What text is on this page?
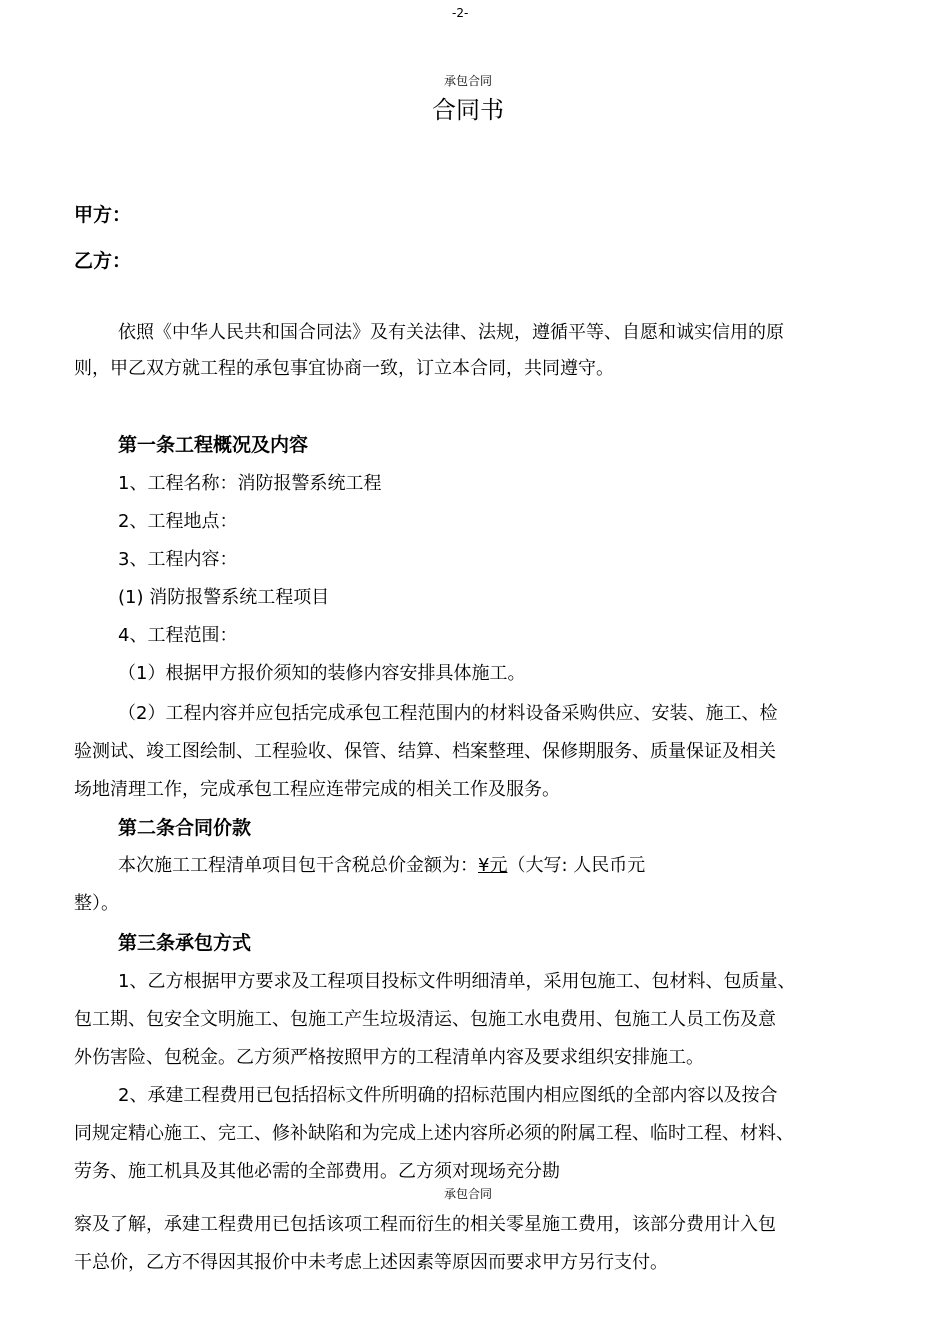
-2-
承包合同
合同书
甲方：
乙方：
依照《中华人民共和国合同法》及有关法律、法规，遵循平等、自愿和诚实信用的原
则，甲乙双方就工程的承包事宜协商一致，订立本合同，共同遵守。
第一条工程概况及内容
1、工程名称：消防报警系统工程
2、工程地点：
3、工程内容：
(1) 消防报警系统工程项目
4、工程范围：
（1）根据甲方报价须知的装修内容安排具体施工。
（2）工程内容并应包括完成承包工程范围内的材料设备采购供应、安装、施工、检
验测试、竣工图绘制、工程验收、保管、结算、档案整理、保修期服务、质量保证及相关
场地清理工作，完成承包工程应连带完成的相关工作及服务。
第二条合同价款
本次施工工程清单项目包干含税总价金额为：¥元（大写: 人民币元
整）。
第三条承包方式
1、乙方根据甲方要求及工程项目投标文件明细清单，采用包施工、包材料、包质量、
包工期、包安全文明施工、包施工产生垃圾清运、包施工水电费用、包施工人员工伤及意
外伤害险、包税金。乙方须严格按照甲方的工程清单内容及要求组织安排施工。
2、承建工程费用已包括招标文件所明确的招标范围内相应图纸的全部内容以及按合
同规定精心施工、完工、修补缺陷和为完成上述内容所必须的附属工程、临时工程、材料、
劳务、施工机具及其他必需的全部费用。乙方须对现场充分勘
承包合同
察及了解，承建工程费用已包括该项工程而衍生的相关零星施工费用，该部分费用计入包
干总价，乙方不得因其报价中未考虑上述因素等原因而要求甲方另行支付。
